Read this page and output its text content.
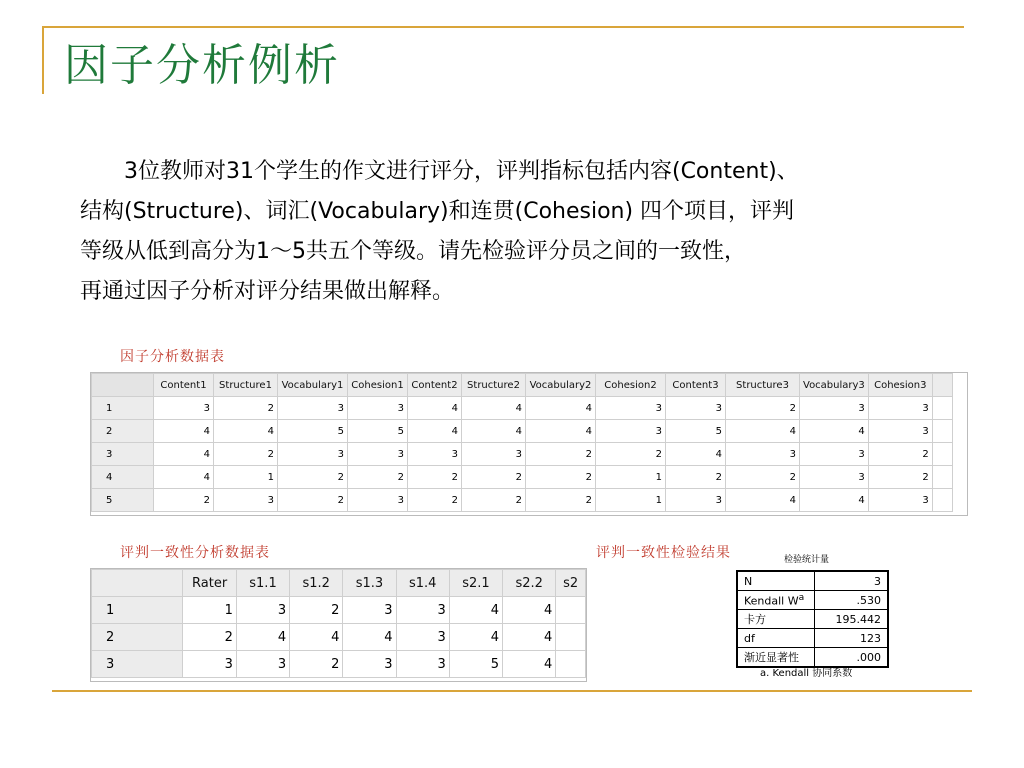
因子分析例析
3位教师对31个学生的作文进行评分，评判指标包括内容(Content)、
结构(Structure)、词汇(Vocabulary)和连贯(Cohesion) 四个项目，评判
等级从低到高分为1～5共五个等级。请先检验评分员之间的一致性，
再通过因子分析对评分结果做出解释。
因子分析数据表
	Content1	Structure1	Vocabulary1	Cohesion1	Content2	Structure2	Vocabulary2	Cohesion2	Content3	Structure3	Vocabulary3	Cohesion3	
1	3	2	3	3	4	4	4	3	3	2	3	3	
2	4	4	5	5	4	4	4	3	5	4	4	3	
3	4	2	3	3	3	3	2	2	4	3	3	2	
4	4	1	2	2	2	2	2	1	2	2	3	2	
5	2	3	2	3	2	2	2	1	3	4	4	3	
评判一致性分析数据表	评判一致性检验结果
	Rater	s1.1	s1.2	s1.3	s1.4	s2.1	s2.2	s2
1	1	3	2	3	3	4	4	
2	2	4	4	4	3	4	4	
3	3	3	2	3	3	5	4	
检验统计量
N	3
Kendall $W^a$	.530
卡方	195.442
df	123
渐近显著性	.000
a. Kendall 协同系数
